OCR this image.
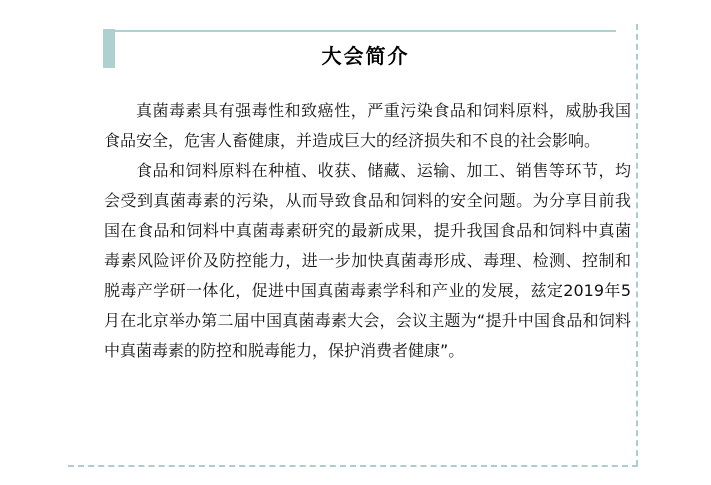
大会简介

真菌毒素具有强毒性和致癌性，严重污染食品和饲料原料，威胁我国食品安全，危害人畜健康，并造成巨大的经济损失和不良的社会影响。

食品和饲料原料在种植、收获、储藏、运输、加工、销售等环节，均会受到真菌毒素的污染，从而导致食品和饲料的安全问题。为分享目前我国在食品和饲料中真菌毒素研究的最新成果，提升我国食品和饲料中真菌毒素风险评价及防控能力，进一步加快真菌毒形成、毒理、检测、控制和脱毒产学研一体化，促进中国真菌毒素学科和产业的发展，兹定2019年5月在北京举办第二届中国真菌毒素大会，会议主题为“提升中国食品和饲料中真菌毒素的防控和脱毒能力，保护消费者健康”。
